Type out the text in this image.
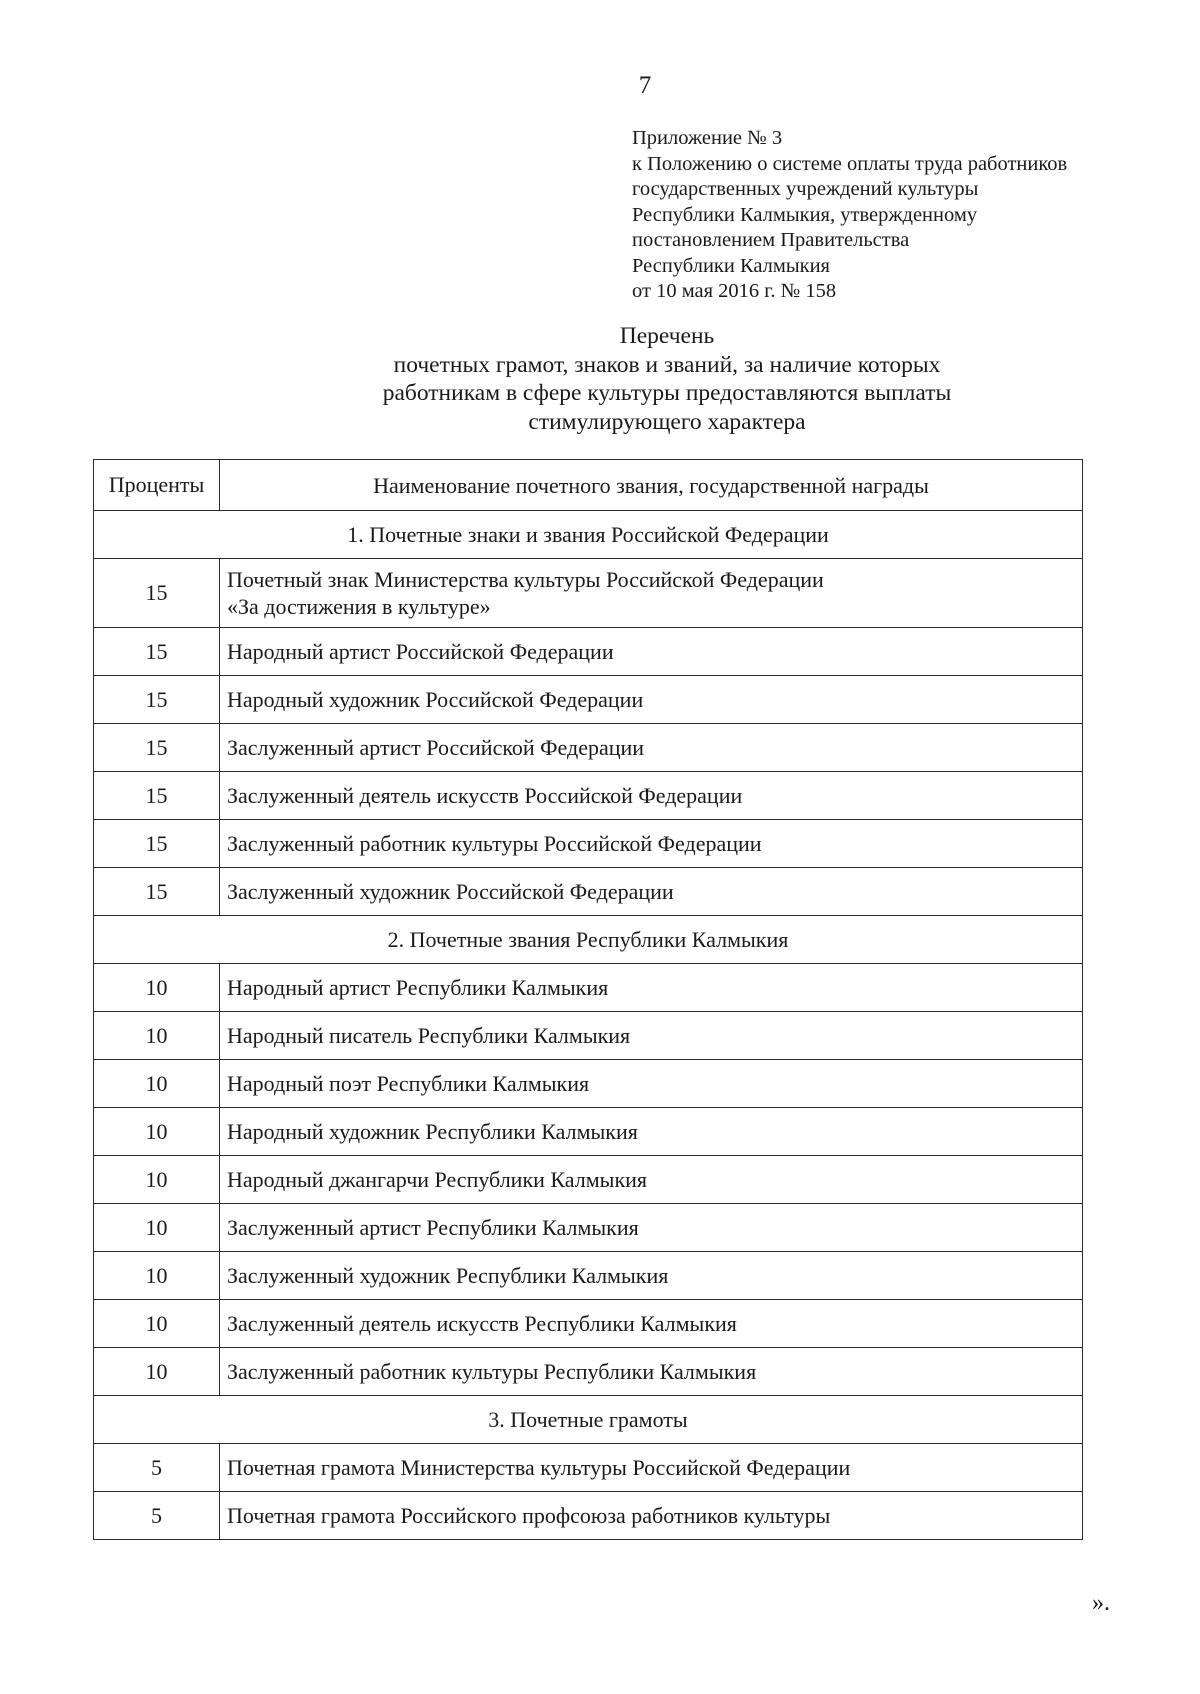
7
Приложение № 3
к Положению о системе оплаты труда работников
государственных учреждений культуры
Республики Калмыкия, утвержденному
постановлением Правительства
Республики Калмыкия
от 10 мая 2016 г. № 158
Перечень
почетных грамот, знаков и званий, за наличие которых
работникам в сфере культуры предоставляются выплаты
стимулирующего характера
Проценты	Наименование почетного звания, государственной награды
1. Почетные знаки и звания Российской Федерации	
15	Почетный знак Министерства культуры Российской Федерации
«За достижения в культуре»

15	Народный артист Российской Федерации
15	Народный художник Российской Федерации
15	Заслуженный артист Российской Федерации
15	Заслуженный деятель искусств Российской Федерации
15	Заслуженный работник культуры Российской Федерации
15	Заслуженный художник Российской Федерации
2. Почетные звания Республики Калмыкия	
10	Народный артист Республики Калмыкия
10	Народный писатель Республики Калмыкия
10	Народный поэт Республики Калмыкия
10	Народный художник Республики Калмыкия
10	Народный джангарчи Республики Калмыкия
10	Заслуженный артист Республики Калмыкия
10	Заслуженный художник Республики Калмыкия
10	Заслуженный деятель искусств Республики Калмыкия
10	Заслуженный работник культуры Республики Калмыкия
3. Почетные грамоты	
5	Почетная грамота Министерства культуры Российской Федерации
5	Почетная грамота Российского профсоюза работников культуры
».
